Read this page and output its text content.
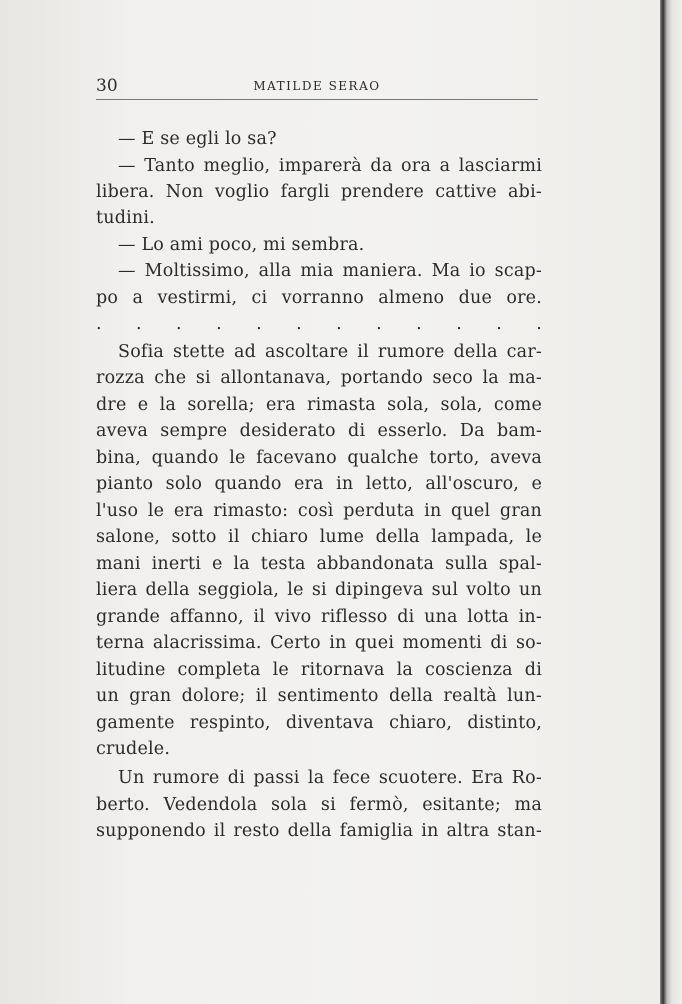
30	MATILDE SERAO

— E se egli lo sa?

— Tanto meglio, imparerà da ora a lasciarmi

libera. Non voglio fargli prendere cattive abi-

tudini.

— Lo ami poco, mi sembra.

— Moltissimo, alla mia maniera. Ma io scap-

po a vestirmi, ci vorranno almeno due ore.

. . . . . . . . . . . .

Sofia stette ad ascoltare il rumore della car-

rozza che si allontanava, portando seco la ma-

dre e la sorella; era rimasta sola, sola, come

aveva sempre desiderato di esserlo. Da bam-

bina, quando le facevano qualche torto, aveva

pianto solo quando era in letto, all'oscuro, e

l'uso le era rimasto: così perduta in quel gran

salone, sotto il chiaro lume della lampada, le

mani inerti e la testa abbandonata sulla spal-

liera della seggiola, le si dipingeva sul volto un

grande affanno, il vivo riflesso di una lotta in-

terna alacrissima. Certo in quei momenti di so-

litudine completa le ritornava la coscienza di

un gran dolore; il sentimento della realtà lun-

gamente respinto, diventava chiaro, distinto,

crudele.

Un rumore di passi la fece scuotere. Era Ro-

berto. Vedendola sola si fermò, esitante; ma

supponendo il resto della famiglia in altra stan-
